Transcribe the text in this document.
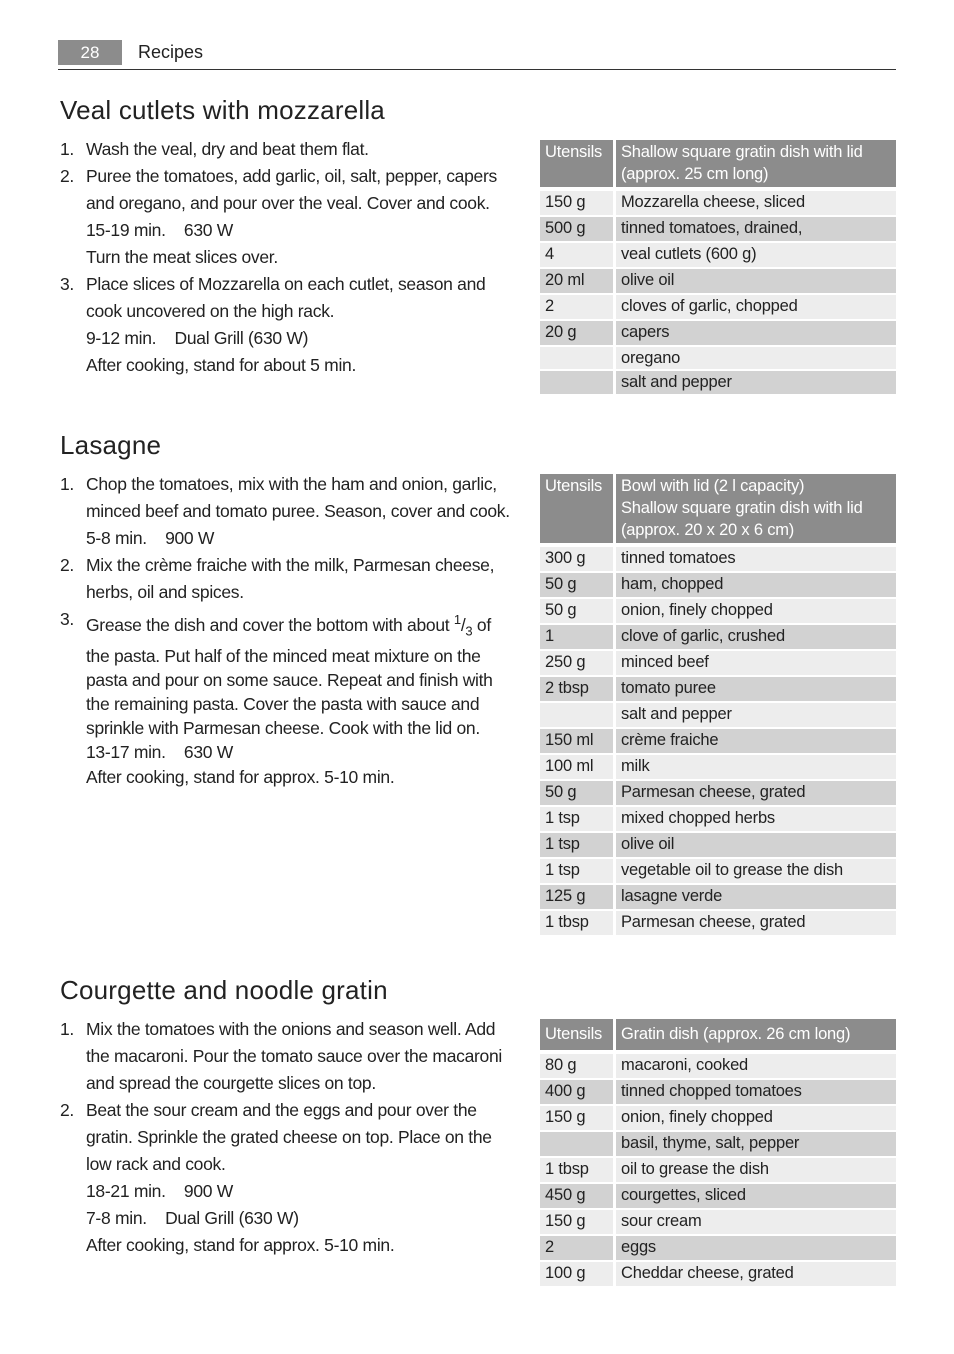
28	Recipes
Veal cutlets with mozzarella
1. Wash the veal, dry and beat them flat.
2. Puree the tomatoes, add garlic, oil, salt, pepper, capers
and oregano, and pour over the veal. Cover and cook.
15-19 min.    630 W
Turn the meat slices over.
3. Place slices of Mozzarella on each cutlet, season and
cook uncovered on the high rack.
9-12 min.    Dual Grill (630 W)
After cooking, stand for about 5 min.
Utensils	Shallow square gratin dish with lid
(approx. 25 cm long)

150 g	Mozzarella cheese, sliced
500 g	tinned tomatoes, drained,
4	veal cutlets (600 g)
20 ml	olive oil
2	cloves of garlic, chopped
20 g	capers
	oregano
	salt and pepper
Lasagne
1. Chop the tomatoes, mix with the ham and onion, garlic,
minced beef and tomato puree. Season, cover and cook.
5-8 min.    900 W
2. Mix the crème fraiche with the milk, Parmesan cheese,
herbs, oil and spices.
3. Grease the dish and cover the bottom with about $^1/_3$ of
the pasta. Put half of the minced meat mixture on the
pasta and pour on some sauce. Repeat and finish with
the remaining pasta. Cover the pasta with sauce and
sprinkle with Parmesan cheese. Cook with the lid on.
13-17 min.    630 W
After cooking, stand for approx. 5-10 min.
Utensils	Bowl with lid (2 l capacity)
Shallow square gratin dish with lid
(approx. 20 x 20 x 6 cm)

300 g	tinned tomatoes
50 g	ham, chopped
50 g	onion, finely chopped
1	clove of garlic, crushed
250 g	minced beef
2 tbsp	tomato puree
	salt and pepper
150 ml	crème fraiche
100 ml	milk
50 g	Parmesan cheese, grated
1 tsp	mixed chopped herbs
1 tsp	olive oil
1 tsp	vegetable oil to grease the dish
125 g	lasagne verde
1 tbsp	Parmesan cheese, grated
Courgette and noodle gratin
1. Mix the tomatoes with the onions and season well. Add
the macaroni. Pour the tomato sauce over the macaroni
and spread the courgette slices on top.
2. Beat the sour cream and the eggs and pour over the
gratin. Sprinkle the grated cheese on top. Place on the
low rack and cook.
18-21 min.    900 W
7-8 min.    Dual Grill (630 W)
After cooking, stand for approx. 5-10 min.
Utensils	Gratin dish (approx. 26 cm long)

80 g	macaroni, cooked
400 g	tinned chopped tomatoes
150 g	onion, finely chopped
	basil, thyme, salt, pepper
1 tbsp	oil to grease the dish
450 g	courgettes, sliced
150 g	sour cream
2	eggs
100 g	Cheddar cheese, grated
